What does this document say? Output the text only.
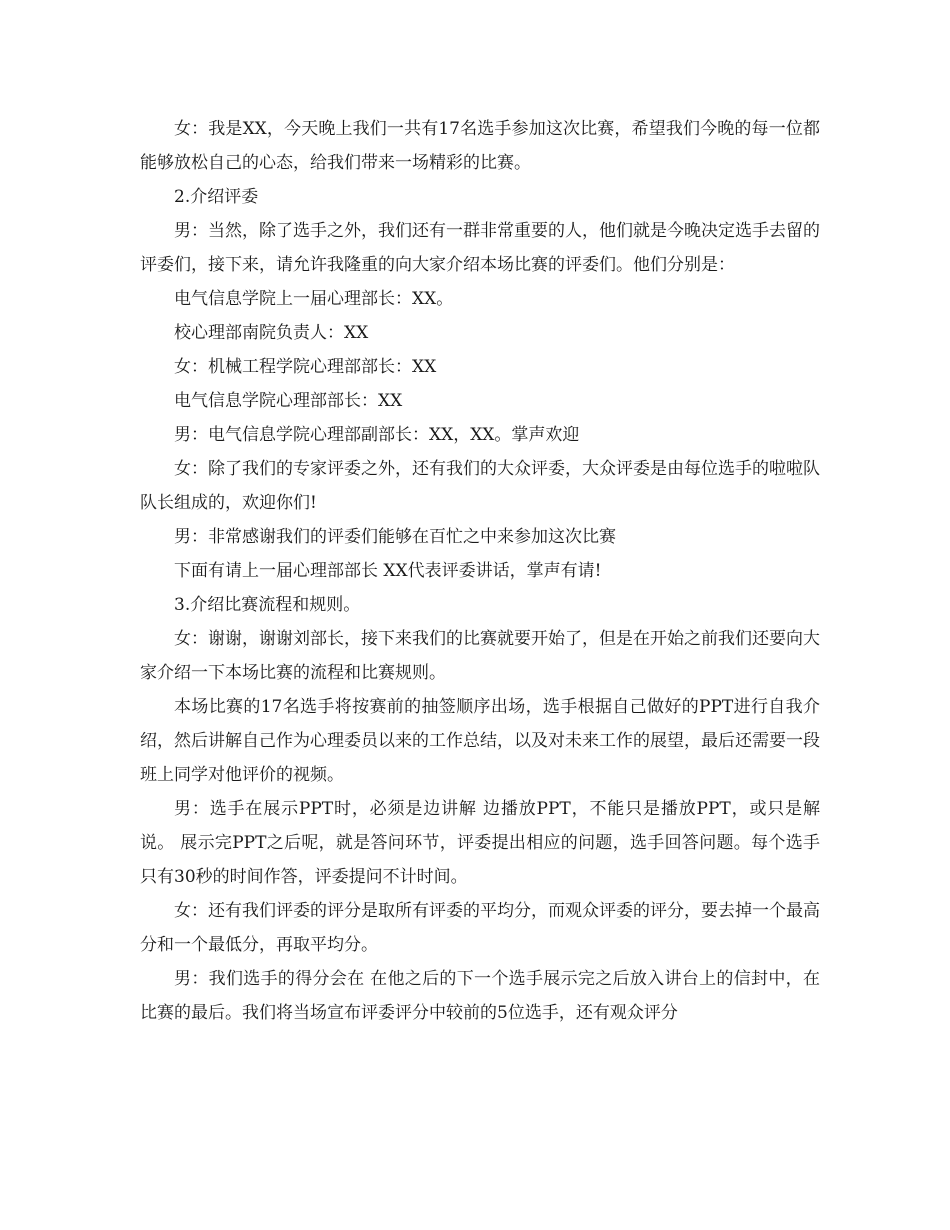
女：我是XX，今天晚上我们一共有17名选手参加这次比赛，希望我们今晚的每一位都能够放松自己的心态，给我们带来一场精彩的比赛。

2.介绍评委

男：当然，除了选手之外，我们还有一群非常重要的人，他们就是今晚决定选手去留的评委们，接下来，请允许我隆重的向大家介绍本场比赛的评委们。他们分别是：

电气信息学院上一届心理部长：XX。

校心理部南院负责人：XX

女：机械工程学院心理部部长：XX

电气信息学院心理部部长：XX

男：电气信息学院心理部副部长：XX，XX。掌声欢迎

女：除了我们的专家评委之外，还有我们的大众评委，大众评委是由每位选手的啦啦队队长组成的，欢迎你们!

男：非常感谢我们的评委们能够在百忙之中来参加这次比赛

下面有请上一届心理部部长 XX代表评委讲话，掌声有请!

3.介绍比赛流程和规则。

女：谢谢，谢谢刘部长，接下来我们的比赛就要开始了，但是在开始之前我们还要向大家介绍一下本场比赛的流程和比赛规则。

本场比赛的17名选手将按赛前的抽签顺序出场，选手根据自己做好的PPT进行自我介绍，然后讲解自己作为心理委员以来的工作总结，以及对未来工作的展望，最后还需要一段班上同学对他评价的视频。

男：选手在展示PPT时，必须是边讲解 边播放PPT，不能只是播放PPT，或只是解说。 展示完PPT之后呢，就是答问环节，评委提出相应的问题，选手回答问题。每个选手只有30秒的时间作答，评委提问不计时间。

女：还有我们评委的评分是取所有评委的平均分，而观众评委的评分，要去掉一个最高分和一个最低分，再取平均分。

男：我们选手的得分会在 在他之后的下一个选手展示完之后放入讲台上的信封中，在比赛的最后。我们将当场宣布评委评分中较前的5位选手，还有观众评分
